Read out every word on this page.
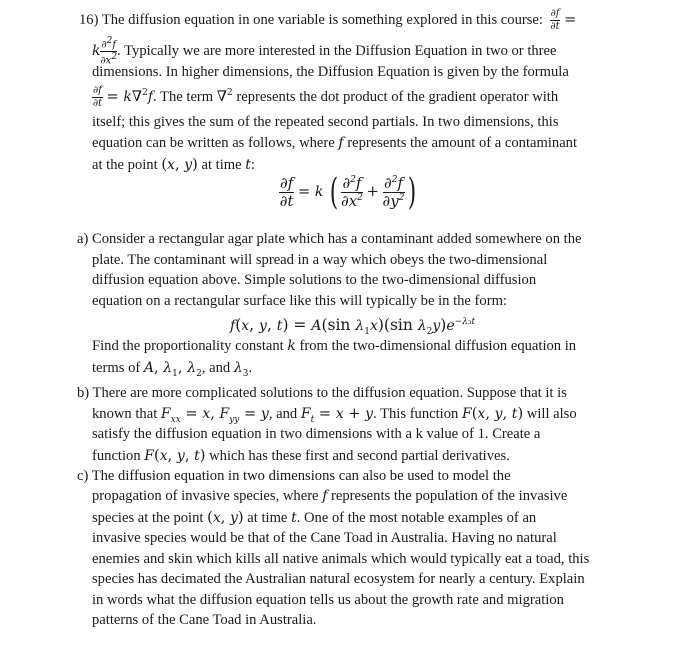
16) The diffusion equation in one variable is something explored in this course: $\frac{\partial f}{\partial t}$ =
k $\frac{\partial 2f}{\partial x2}$ . Typically we are more interested in the Diffusion Equation in two or three
dimensions. In higher dimensions, the Diffusion Equation is given by the formula
$\frac{\partial f}{\partial t} = k\nabla^2f$. The term ∇$^2$ represents the dot product of the gradient operator with
itself; this gives the sum of the repeated second partials. In two dimensions, this
equation can be written as follows, where f represents the amount of a contaminant
at the point (x, y) at time t:
$\frac{\partial f}{\partial t} = k$ ( $\frac{\partial^2f}{\partial x^2} + \frac{\partial^2f}{\partial y^2}$ )
a) Consider a rectangular agar plate which has a contaminant added somewhere on the
plate. The contaminant will spread in a way which obeys the two-dimensional
diffusion equation above. Simple solutions to the two-dimensional diffusion
equation on a rectangular surface like this will typically be in the form:
f(x, y, t) = A(sin $\lambda_1x)(\sin$ $\lambda_2y)e^{-\lambda_3t}$
Find the proportionality constant k from the two-dimensional diffusion equation in
terms of A, $\lambda_1$, $\lambda_2$, and $\lambda_3$.
b) There are more complicated solutions to the diffusion equation. Suppose that it is
known that $F_{xx} = x$, $F_{yy} = y$, and $F_t = x + y$. This function F(x, y, t) will also
satisfy the diffusion equation in two dimensions with a k value of 1. Create a
function F(x, y, t) which has these first and second partial derivatives.
c) The diffusion equation in two dimensions can also be used to model the
propagation of invasive species, where f represents the population of the invasive
species at the point (x, y) at time t. One of the most notable examples of an
invasive species would be that of the Cane Toad in Australia. Having no natural
enemies and skin which kills all native animals which would typically eat a toad, this
species has decimated the Australian natural ecosystem for nearly a century. Explain
in words what the diffusion equation tells us about the growth rate and migration
patterns of the Cane Toad in Australia.
